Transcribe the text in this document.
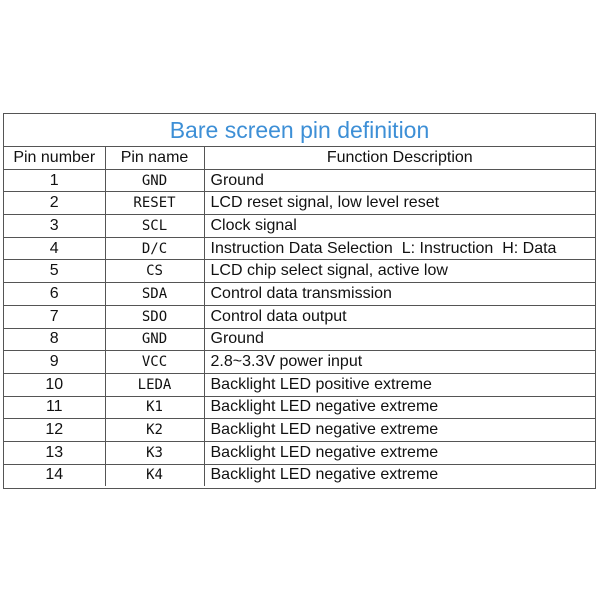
Bare screen pin definition
Pin number	Pin name	Function Description
1	GND	Ground
2	RESET	LCD reset signal, low level reset
3	SCL	Clock signal
4	D/C	Instruction Data Selection  L: Instruction  H: Data
5	CS	LCD chip select signal, active low
6	SDA	Control data transmission
7	SDO	Control data output
8	GND	Ground
9	VCC	2.8~3.3V power input
10	LEDA	Backlight LED positive extreme
11	K1	Backlight LED negative extreme
12	K2	Backlight LED negative extreme
13	K3	Backlight LED negative extreme
14	K4	Backlight LED negative extreme
